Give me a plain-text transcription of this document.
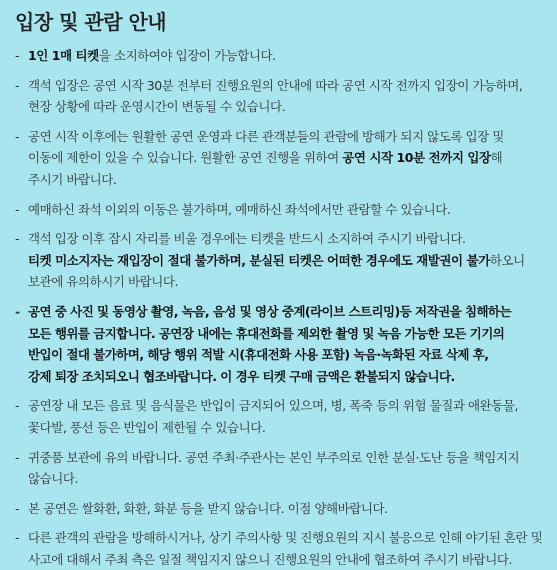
입장 및 관람 안내
- 1인 1매 티켓을 소지하여야 입장이 가능합니다.
- 객석 입장은 공연 시작 30분 전부터 진행요원의 안내에 따라 공연 시작 전까지 입장이 가능하며,
현장 상황에 따라 운영시간이 변동될 수 있습니다.
- 공연 시작 이후에는 원활한 공연 운영과 다른 관객분들의 관람에 방해가 되지 않도록 입장 및
이동에 제한이 있을 수 있습니다. 원활한 공연 진행을 위하여 공연 시작 10분 전까지 입장해
주시기 바랍니다.
- 예매하신 좌석 이외의 이동은 불가하며, 예매하신 좌석에서만 관람할 수 있습니다.
- 객석 입장 이후 잠시 자리를 비울 경우에는 티켓을 반드시 소지하여 주시기 바랍니다.
티켓 미소지자는 재입장이 절대 불가하며, 분실된 티켓은 어떠한 경우에도 재발권이 불가하오니
보관에 유의하시기 바랍니다.
- 공연 중 사진 및 동영상 촬영, 녹음, 음성 및 영상 중계(라이브 스트리밍)등 저작권을 침해하는
모든 행위를 금지합니다. 공연장 내에는 휴대전화를 제외한 촬영 및 녹음 가능한 모든 기기의
반입이 절대 불가하며, 해당 행위 적발 시(휴대전화 사용 포함) 녹음·녹화된 자료 삭제 후,
강제 퇴장 조치되오니 협조바랍니다. 이 경우 티켓 구매 금액은 환불되지 않습니다.
- 공연장 내 모든 음료 및 음식물은 반입이 금지되어 있으며, 병, 폭죽 등의 위험 물질과 애완동물,
꽃다발, 풍선 등은 반입이 제한될 수 있습니다.
- 귀중품 보관에 유의 바랍니다. 공연 주최·주관사는 본인 부주의로 인한 분실·도난 등을 책임지지
않습니다.
- 본 공연은 쌀화환, 화환, 화분 등을 받지 않습니다. 이점 양해바랍니다.
- 다른 관객의 관람을 방해하시거나, 상기 주의사항 및 진행요원의 지시 불응으로 인해 야기된 혼란 및
사고에 대해서 주최 측은 일절 책임지지 않으니 진행요원의 안내에 협조하여 주시기 바랍니다.
